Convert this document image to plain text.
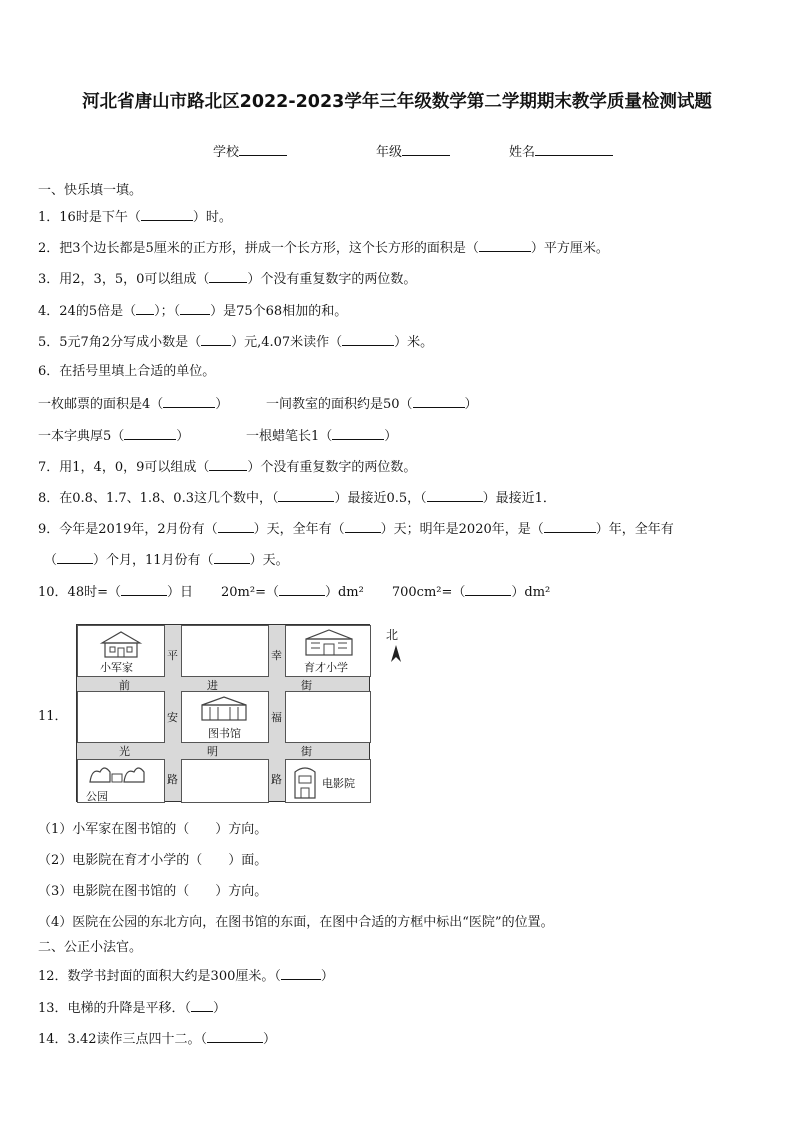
河北省唐山市路北区2022-2023学年三年级数学第二学期期末教学质量检测试题
学校	年级	姓名
一、快乐填一填。
1．16时是下午（	）时。
2．把3个边长都是5厘米的正方形，拼成一个长方形，这个长方形的面积是（	）平方厘米。
3．用2，3，5，0可以组成（	）个没有重复数字的两位数。
4．24的5倍是（ ）；（ ）是75个68相加的和。
5．5元7角2分写成小数是（ ）元,4.07米读作（	）米。
6．在括号里填上合适的单位。
一枚邮票的面积是4（	）	一间教室的面积约是50（	）
一本字典厚5（	）	一根蜡笔长1（	）
7．用1，4，0，9可以组成（	）个没有重复数字的两位数。
8．在0.8、1.7、1.8、0.3这几个数中，（	）最接近0.5，（	）最接近1．
9．今年是2019年，2月份有（	）天，全年有（	）天；明年是2020年，是（	）年，全年有
（	）个月，11月份有（	）天。
10．48时=（	）日 20m²=（	）dm² 700cm²=（	）dm²
11．
小军家	育才小学
图书馆
公园
电影院
前	进	街
光	明	街
平
安
路
幸
福
路
北
（1）小军家在图书馆的（　　）方向。
（2）电影院在育才小学的（　　）面。
（3）电影院在图书馆的（　　）方向。
（4）医院在公园的东北方向，在图书馆的东面，在图中合适的方框中标出“医院”的位置。
二、公正小法官。
12．数学书封面的面积大约是300厘米。（	）
13．电梯的升降是平移．（ ）
14．3.42读作三点四十二。（	）
